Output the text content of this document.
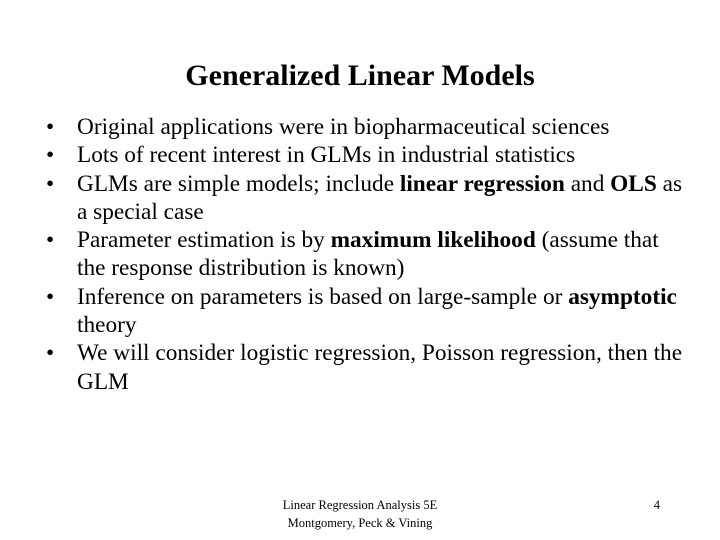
Generalized Linear Models
• Original applications were in biopharmaceutical sciences
• Lots of recent interest in GLMs in industrial statistics
• GLMs are simple models; include linear regression and OLS as a special case
• Parameter estimation is by maximum likelihood (assume that the response distribution is known)
• Inference on parameters is based on large-sample or asymptotic theory
• We will consider logistic regression, Poisson regression, then the GLM
Linear Regression Analysis 5E
Montgomery, Peck & Vining
4
